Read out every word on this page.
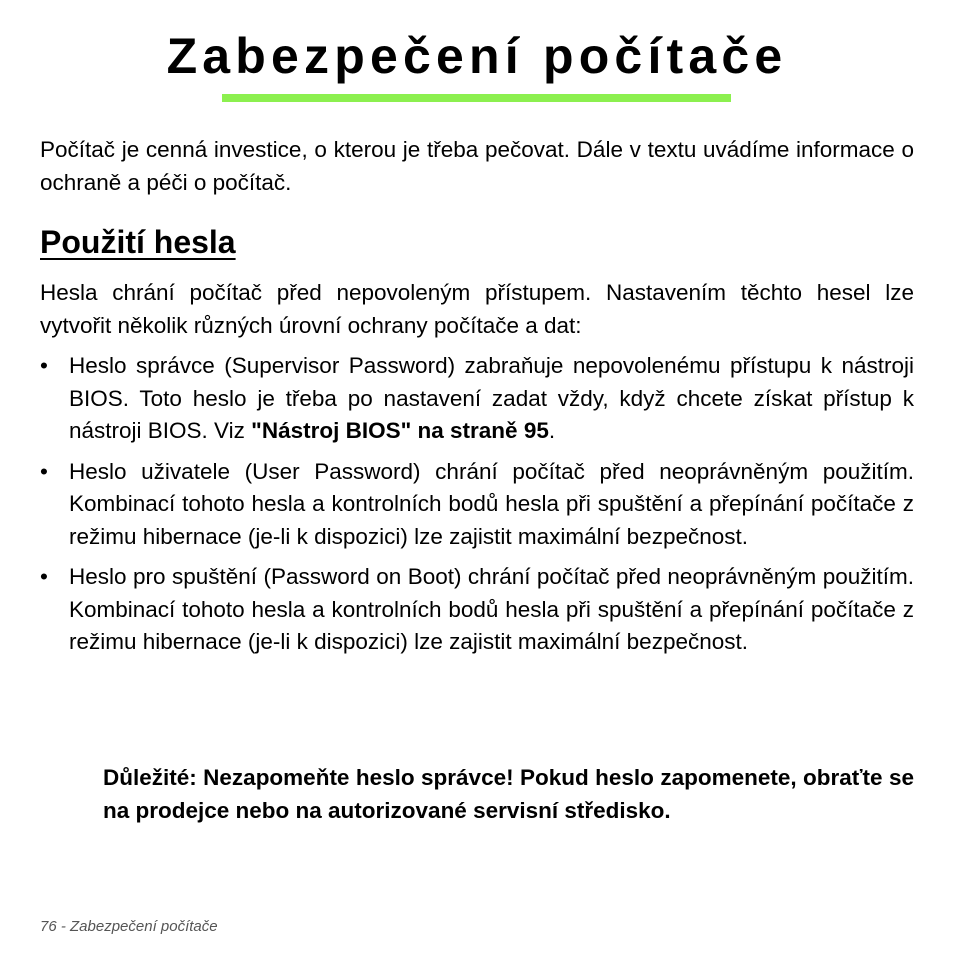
Zabezpečení počítače

Počítač je cenná investice, o kterou je třeba pečovat. Dále v textu uvádíme informace o ochraně a péči o počítač.

Použití hesla

Hesla chrání počítač před nepovoleným přístupem. Nastavením těchto hesel lze vytvořit několik různých úrovní ochrany počítače a dat:

• Heslo správce (Supervisor Password) zabraňuje nepovolenému přístupu k nástroji BIOS. Toto heslo je třeba po nastavení zadat vždy, když chcete získat přístup k nástroji BIOS. Viz "Nástroj BIOS" na straně 95.

• Heslo uživatele (User Password) chrání počítač před neoprávněným použitím. Kombinací tohoto hesla a kontrolních bodů hesla při spuštění a přepínání počítače z režimu hibernace (je-li k dispozici) lze zajistit maximální bezpečnost.

• Heslo pro spuštění (Password on Boot) chrání počítač před neoprávněným použitím. Kombinací tohoto hesla a kontrolních bodů hesla při spuštění a přepínání počítače z režimu hibernace (je-li k dispozici) lze zajistit maximální bezpečnost.

Důležité: Nezapomeňte heslo správce! Pokud heslo zapomenete, obraťte se na prodejce nebo na autorizované servisní středisko.

76 - Zabezpečení počítače
